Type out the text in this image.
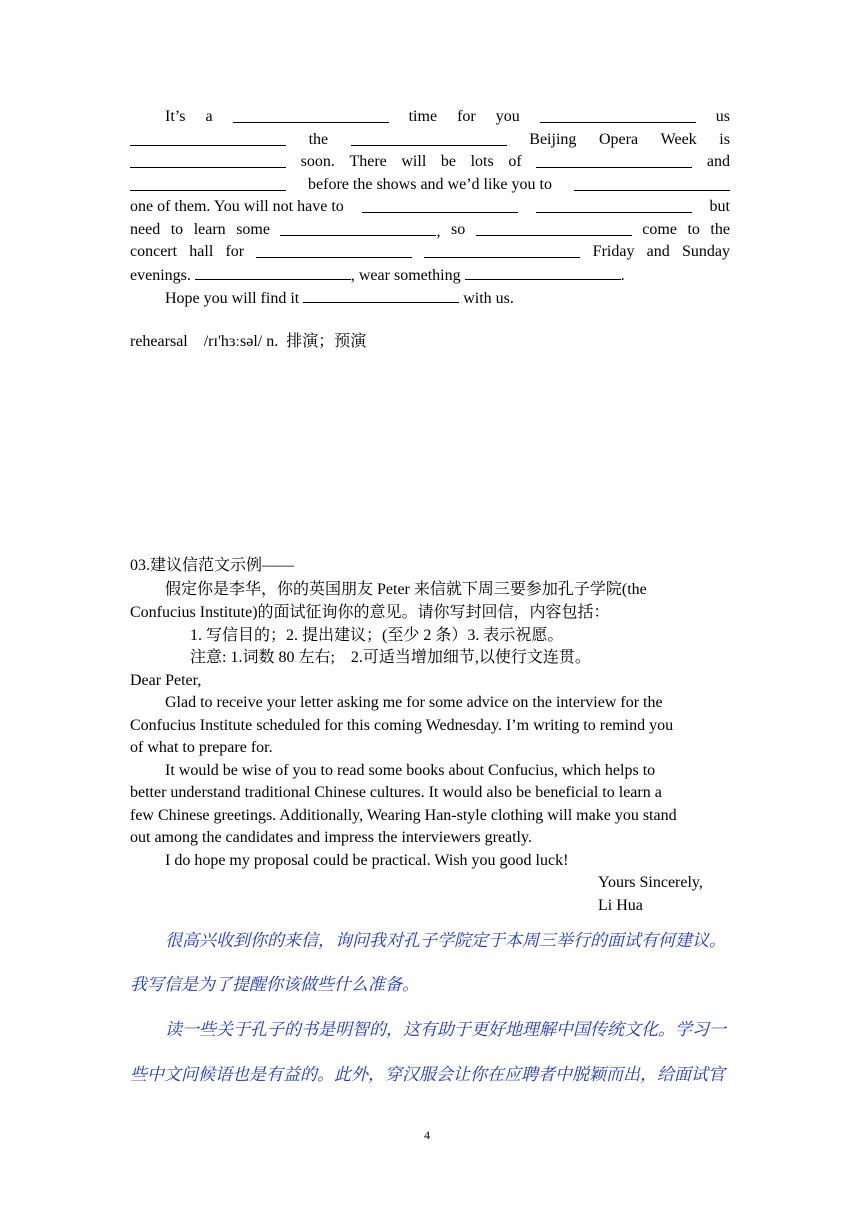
It’s a	time for you	us
the	Beijing Opera Week is
soon. There will be lots of	and
before the shows and we’d like you to
one of them. You will not have to	but
need to learn some	, so	come to the
concert hall for	Friday and Sunday
evenings.	, wear something	.
Hope you will find it	with us.
rehearsal    /rɪ'hɜːsəl/ n.  排演；预演
03.建议信范文示例——
假定你是李华，你的英国朋友 Peter 来信就下周三要参加孔子学院(the
Confucius Institute)的面试征询你的意见。请你写封回信，内容包括：
1. 写信目的；2. 提出建议；(至少 2 条）3. 表示祝愿。
注意: 1.词数 80 左右;    2.可适当增加细节,以使行文连贯。
Dear Peter,
Glad to receive your letter asking me for some advice on the interview for the
Confucius Institute scheduled for this coming Wednesday. I’m writing to remind you
of what to prepare for.
It would be wise of you to read some books about Confucius, which helps to
better understand traditional Chinese cultures. It would also be beneficial to learn a
few Chinese greetings. Additionally, Wearing Han-style clothing will make you stand
out among the candidates and impress the interviewers greatly.
I do hope my proposal could be practical. Wish you good luck!
Yours Sincerely,
Li Hua
很高兴收到你的来信，询问我对孔子学院定于本周三举行的面试有何建议。
我写信是为了提醒你该做些什么准备。
读一些关于孔子的书是明智的，这有助于更好地理解中国传统文化。学习一
些中文问候语也是有益的。此外，穿汉服会让你在应聘者中脱颖而出，给面试官
4
